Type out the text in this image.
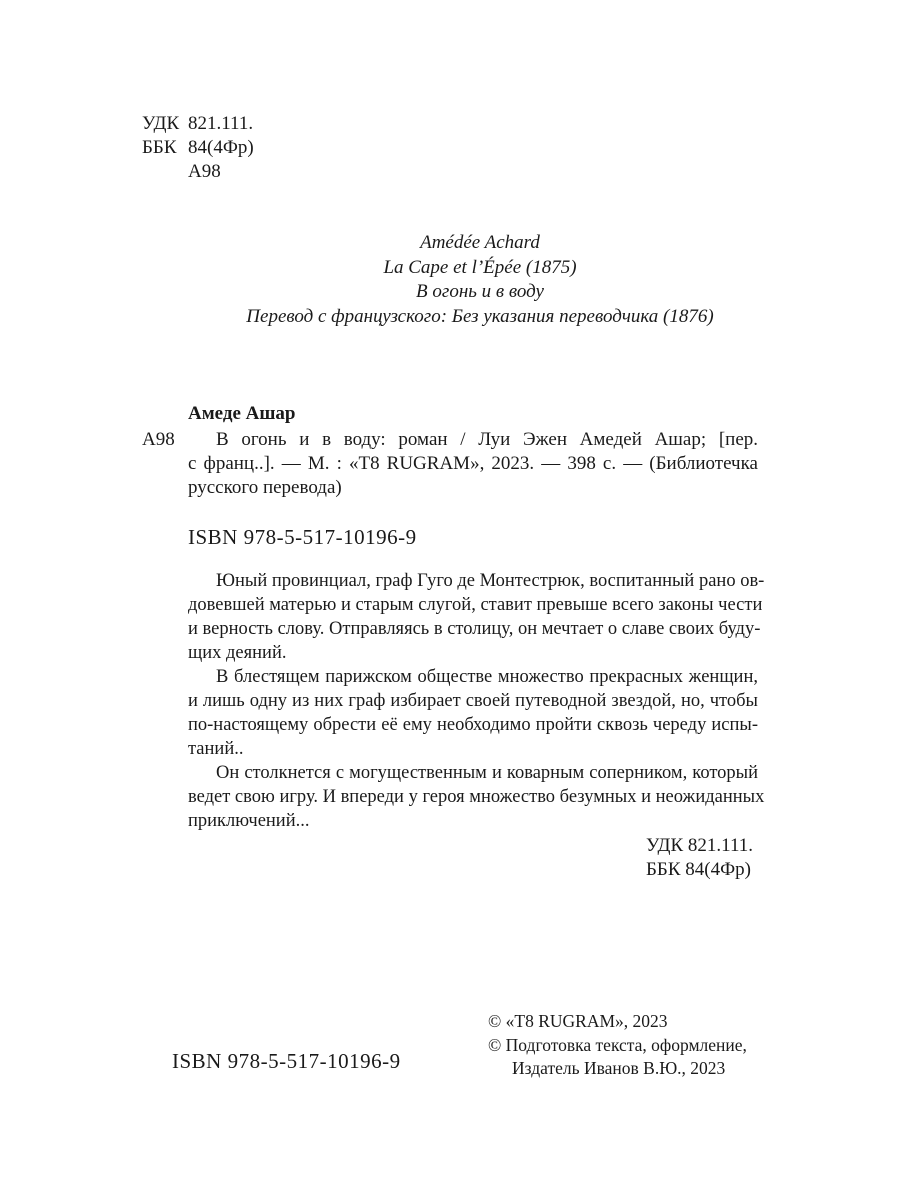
УДК 821.111.
ББК 84(4Фр)
А98
Amédée Achard
La Cape et l’Épée (1875)
В огонь и в воду
Перевод с французского: Без указания переводчика (1876)
Амеде Ашар
А98	В огонь и в воду: роман / Луи Эжен Амедей Ашар; [пер.
с франц..]. — М. : «T8 RUGRAM», 2023. — 398 с. — (Библиотечка
русского перевода)
ISBN 978-5-517-10196-9
Юный провинциал, граф Гуго де Монтестрюк, воспитанный рано ов-
довевшей матерью и старым слугой, ставит превыше всего законы чести
и верность слову. Отправляясь в столицу, он мечтает о славе своих буду-
щих деяний.
В блестящем парижском обществе множество прекрасных женщин,
и лишь одну из них граф избирает своей путеводной звездой, но, чтобы
по-настоящему обрести её ему необходимо пройти сквозь череду испы-
таний..
Он столкнется с могущественным и коварным соперником, который
ведет свою игру. И впереди у героя множество безумных и неожиданных
приключений...
УДК 821.111.
ББК 84(4Фр)
© «T8 RUGRAM», 2023
© Подготовка текста, оформление,
Издатель Иванов В.Ю., 2023
ISBN 978-5-517-10196-9
